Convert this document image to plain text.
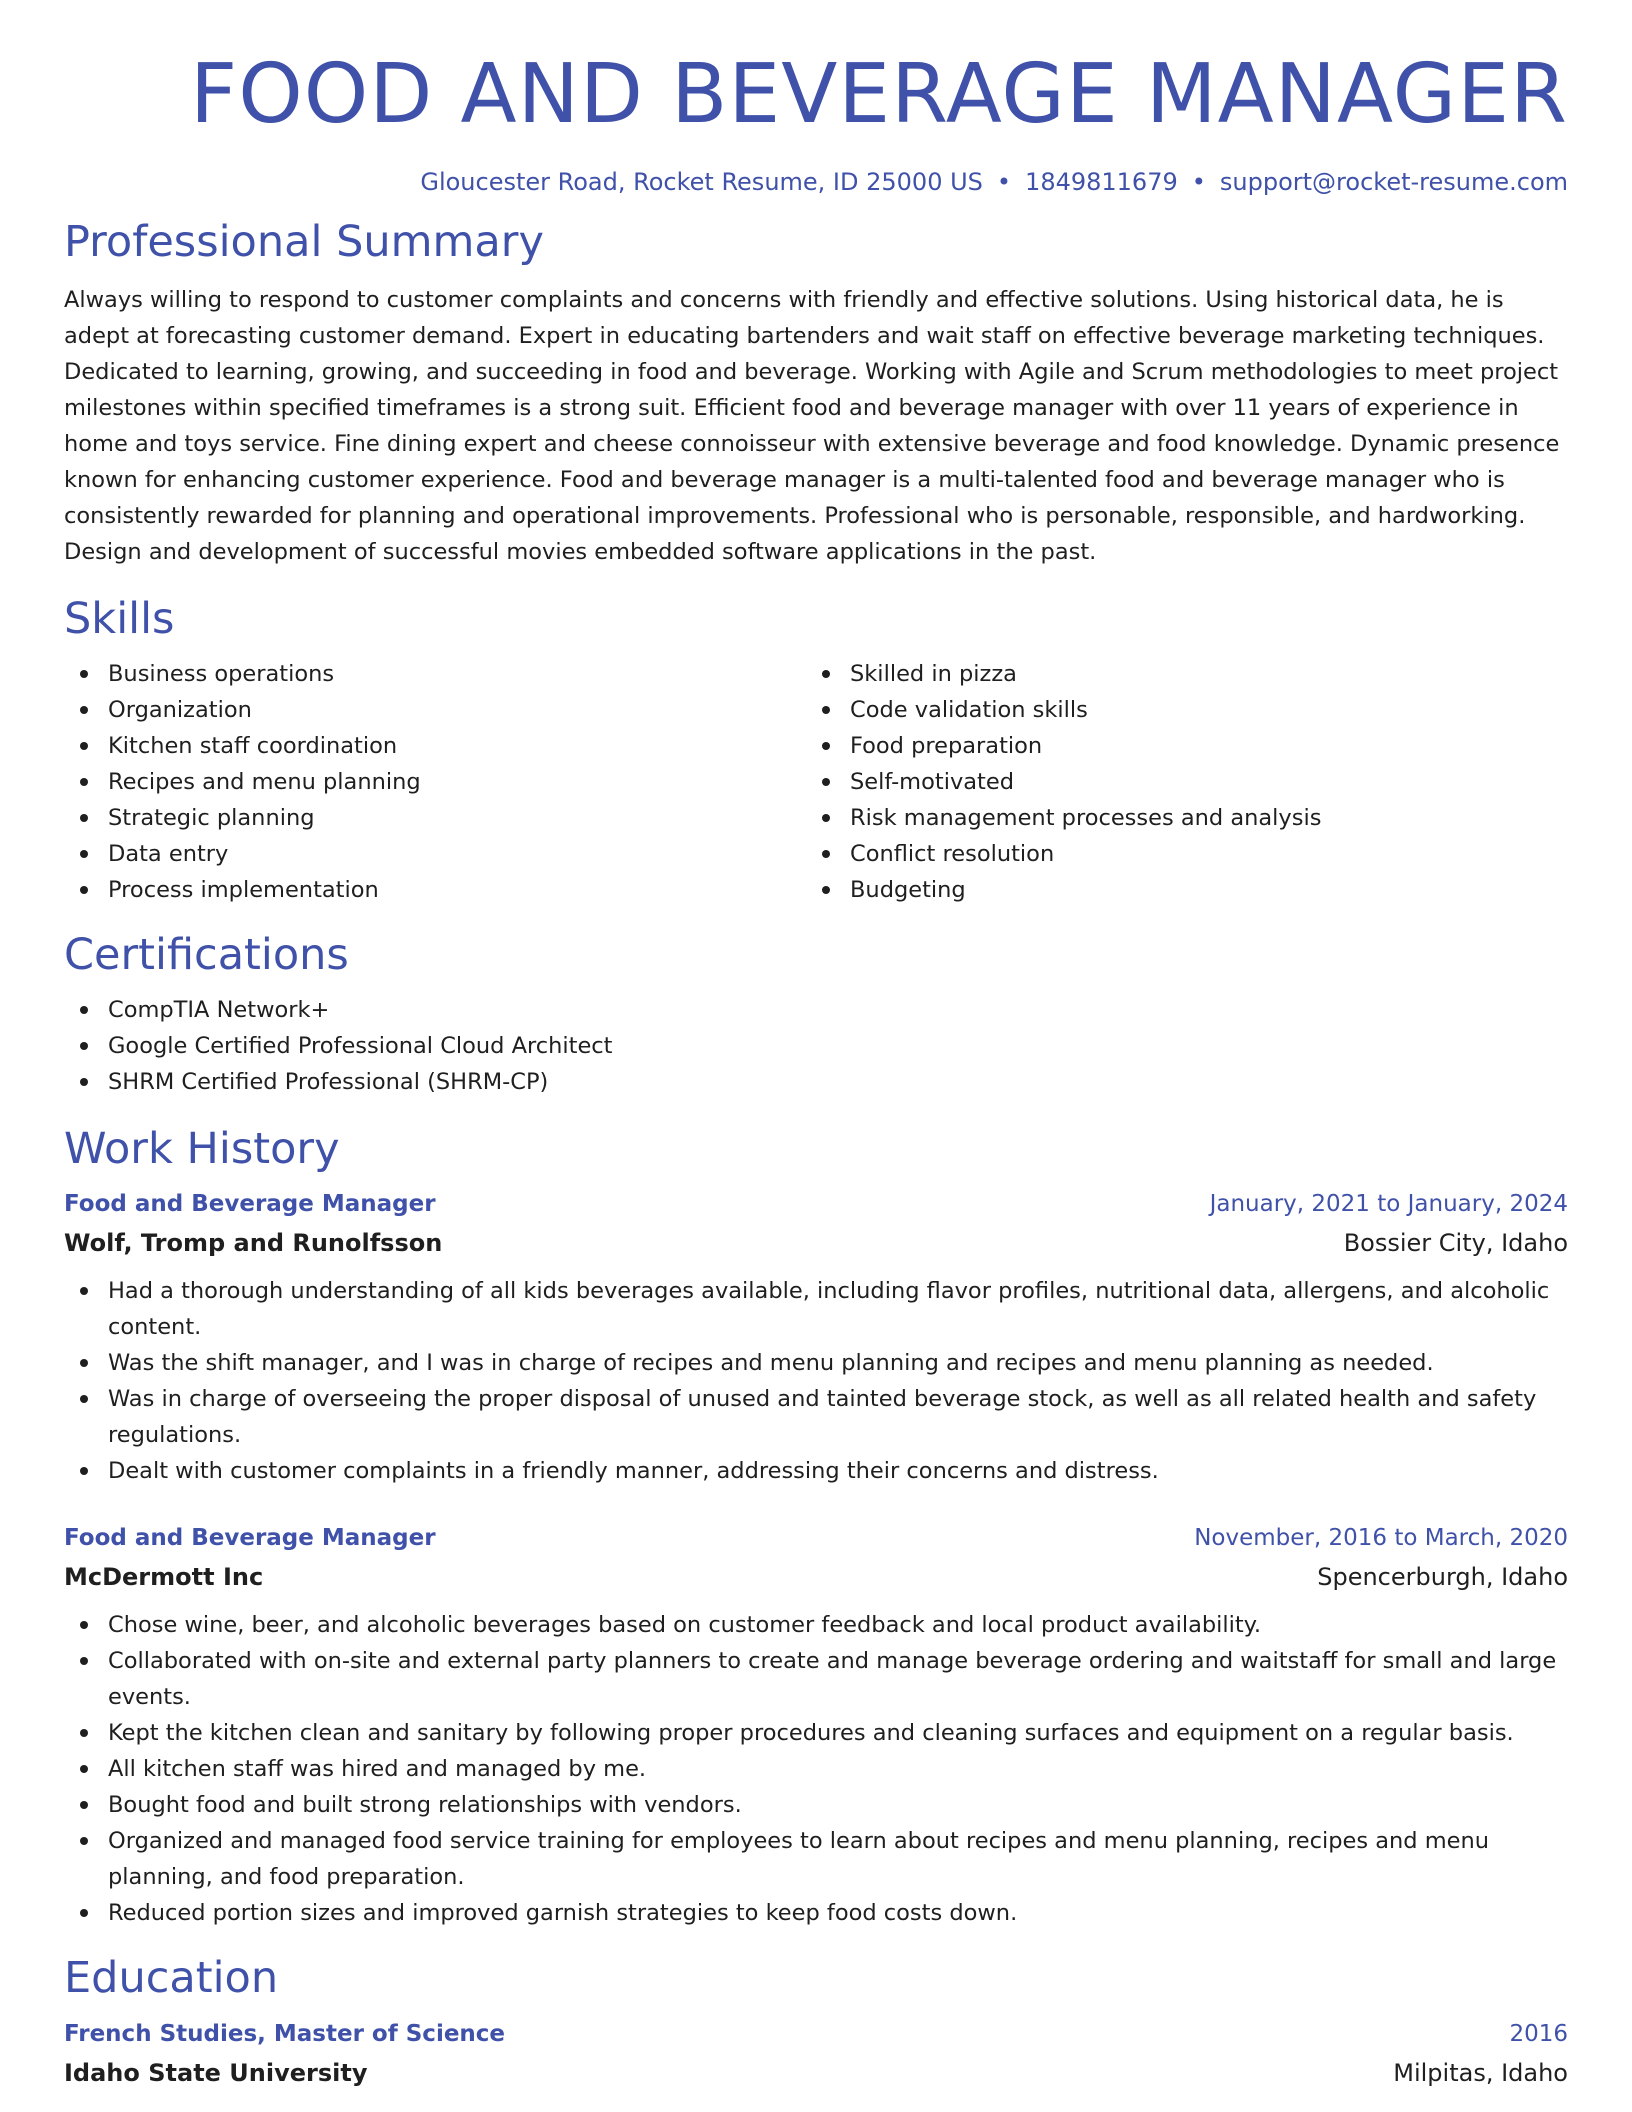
FOOD AND BEVERAGE MANAGER
Gloucester Road, Rocket Resume, ID 25000 US • 1849811679 • support@rocket-resume.com
Professional Summary

Always willing to respond to customer complaints and concerns with friendly and effective solutions. Using historical data, he is adept at forecasting customer demand. Expert in educating bartenders and wait staff on effective beverage marketing techniques. Dedicated to learning, growing, and succeeding in food and beverage. Working with Agile and Scrum methodologies to meet project milestones within specified timeframes is a strong suit. Efficient food and beverage manager with over 11 years of experience in home and toys service. Fine dining expert and cheese connoisseur with extensive beverage and food knowledge. Dynamic presence known for enhancing customer experience. Food and beverage manager is a multi-talented food and beverage manager who is consistently rewarded for planning and operational improvements. Professional who is personable, responsible, and hardworking. Design and development of successful movies embedded software applications in the past.

Skills
Business operations
Organization
Kitchen staff coordination
Recipes and menu planning
Strategic planning
Data entry
Process implementation
Skilled in pizza
Code validation skills
Food preparation
Self-motivated
Risk management processes and analysis
Conflict resolution
Budgeting
Certifications
CompTIA Network+
Google Certified Professional Cloud Architect
SHRM Certified Professional (SHRM-CP)
Work History
Food and Beverage Manager	January, 2021 to January, 2024
Wolf, Tromp and Runolfsson	Bossier City, Idaho
Had a thorough understanding of all kids beverages available, including flavor profiles, nutritional data, allergens, and alcoholic content.
Was the shift manager, and I was in charge of recipes and menu planning and recipes and menu planning as needed.
Was in charge of overseeing the proper disposal of unused and tainted beverage stock, as well as all related health and safety regulations.
Dealt with customer complaints in a friendly manner, addressing their concerns and distress.
Food and Beverage Manager	November, 2016 to March, 2020
McDermott Inc	Spencerburgh, Idaho
Chose wine, beer, and alcoholic beverages based on customer feedback and local product availability.
Collaborated with on-site and external party planners to create and manage beverage ordering and waitstaff for small and large events.
Kept the kitchen clean and sanitary by following proper procedures and cleaning surfaces and equipment on a regular basis.
All kitchen staff was hired and managed by me.
Bought food and built strong relationships with vendors.
Organized and managed food service training for employees to learn about recipes and menu planning, recipes and menu planning, and food preparation.
Reduced portion sizes and improved garnish strategies to keep food costs down.
Education
French Studies, Master of Science	2016
Idaho State University	Milpitas, Idaho
